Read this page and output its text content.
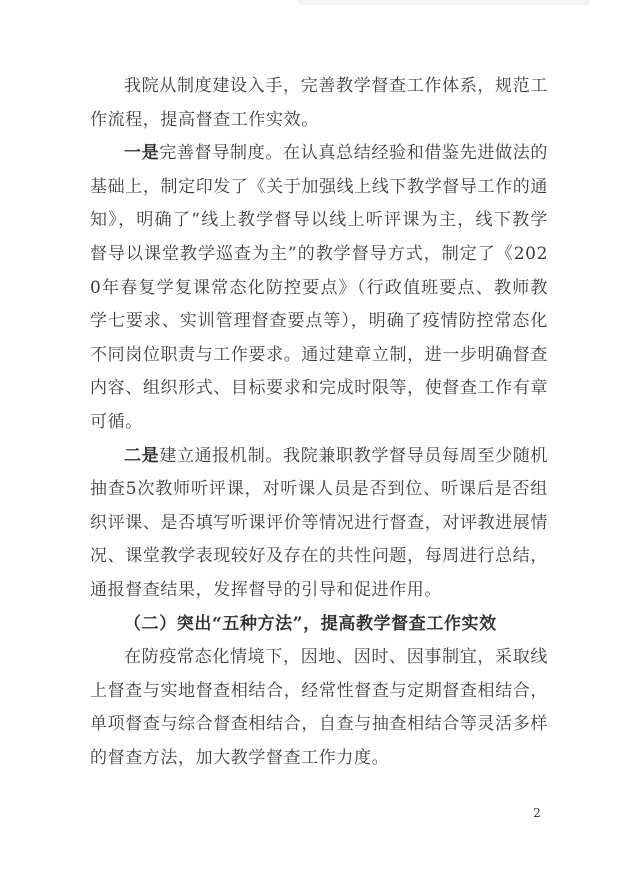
我院从制度建设入手，完善教学督查工作体系，规范工作流程，提高督查工作实效。

一是完善督导制度。在认真总结经验和借鉴先进做法的基础上，制定印发了《关于加强线上线下教学督导工作的通知》，明确了“线上教学督导以线上听评课为主，线下教学督导以课堂教学巡查为主”的教学督导方式，制定了《2020年春复学复课常态化防控要点》（行政值班要点、教师教学七要求、实训管理督查要点等），明确了疫情防控常态化不同岗位职责与工作要求。通过建章立制，进一步明确督查内容、组织形式、目标要求和完成时限等，使督查工作有章可循。

二是建立通报机制。我院兼职教学督导员每周至少随机抽查5次教师听评课，对听课人员是否到位、听课后是否组织评课、是否填写听课评价等情况进行督查，对评教进展情况、课堂教学表现较好及存在的共性问题，每周进行总结，通报督查结果，发挥督导的引导和促进作用。

（二）突出“五种方法”，提高教学督查工作实效

在防疫常态化情境下，因地、因时、因事制宜，采取线上督查与实地督查相结合，经常性督查与定期督查相结合，单项督查与综合督查相结合，自查与抽查相结合等灵活多样的督查方法，加大教学督查工作力度。

2
